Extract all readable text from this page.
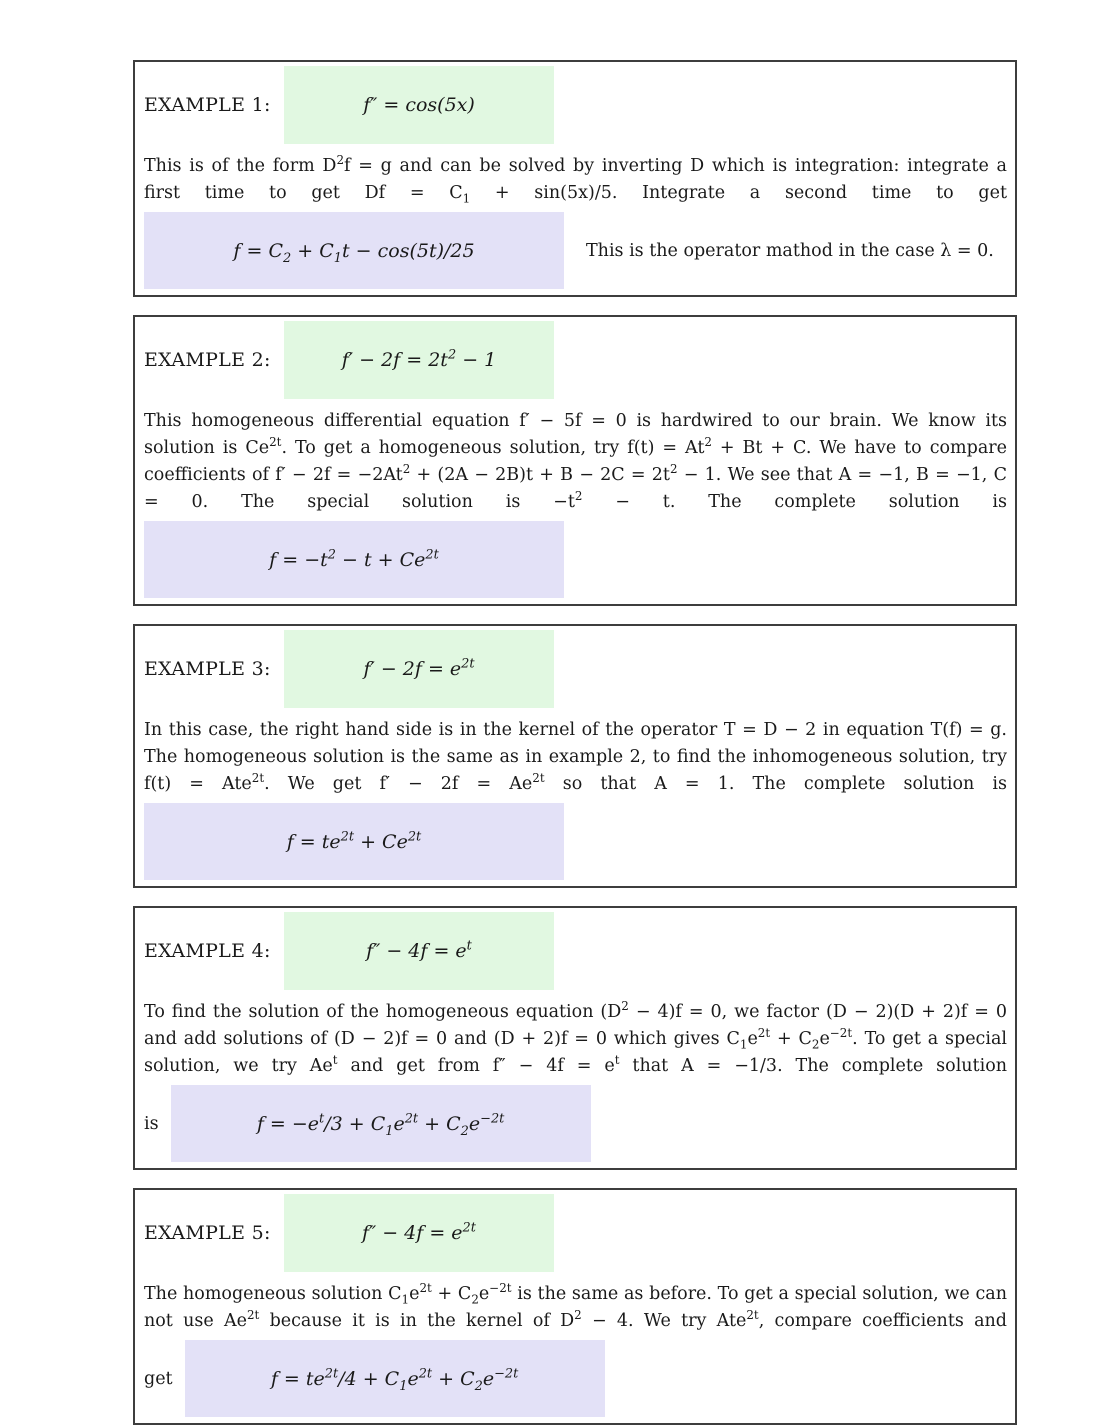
EXAMPLE 1:	f″ = cos(5x)

This is of the form $D^2f = g$ and can be solved by inverting D which is integration: integrate a first time to get $Df = C_1 + \sin(5x)/5$. Integrate a second time to get

$f = C_2 + C_1t - \cos(5t)/25$	This is the operator mathod in the case λ = 0.
EXAMPLE 2:	$f' - 2f = 2t^2 - 1$

This homogeneous differential equation f′ − 5f = 0 is hardwired to our brain. We know its solution is $Ce^{2t}$. To get a homogeneous solution, try $f(t) = At^2 + Bt + C$. We have to compare coefficients of $f' - 2f = -2At^2 + (2A - 2B)t + B - 2C = 2t^2 - 1$. We see that A = −1, B = −1, C = 0. The special solution is $-t^2 - t$. The complete solution is

$f = -t^2 - t + Ce^{2t}$
EXAMPLE 3:	$f' - 2f = e^{2t}$

In this case, the right hand side is in the kernel of the operator T = D − 2 in equation T(f) = g. The homogeneous solution is the same as in example 2, to find the inhomogeneous solution, try f(t) = Ate$^{2t}$. We get $f' - 2f = Ae^{2t}$ so that A = 1. The complete solution is

$f = te^{2t} + Ce^{2t}$
EXAMPLE 4:	$f'' - 4f = e^t$

To find the solution of the homogeneous equation $(D^2 - 4)f = 0$, we factor (D − 2)(D + 2)f = 0 and add solutions of (D − 2)f = 0 and (D + 2)f = 0 which gives $C_1e^{2t} + C_2e^{-2t}$. To get a special solution, we try Ae$^t$ and get from $f'' - 4f = e^t$ that A = −1/3. The complete solution

is	$f = -e^t/3 + C_1e^{2t} + C_2e^{-2t}$
EXAMPLE 5:	$f'' - 4f = e^{2t}$

The homogeneous solution $C_1e^{2t} + C_2e^{-2t}$ is the same as before. To get a special solution, we can not use $Ae^{2t}$ because it is in the kernel of $D^2 - 4$. We try Ate$^{2t}$, compare coefficients and

get	$f = te^{2t}/4 + C_1e^{2t} + C_2e^{-2t}$
